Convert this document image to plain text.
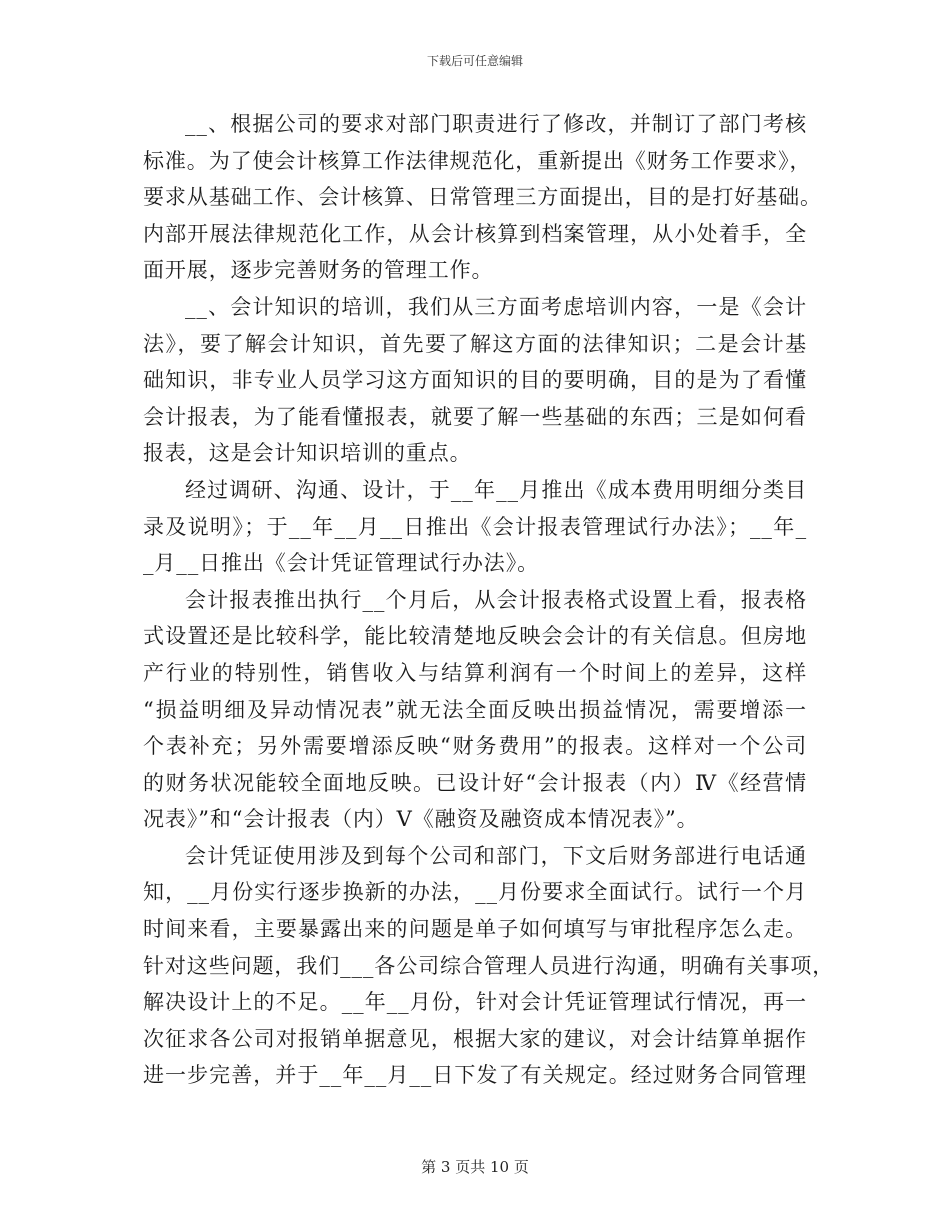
下载后可任意编辑
__、根据公司的要求对部门职责进行了修改，并制订了部门考核
标准。为了使会计核算工作法律规范化，重新提出《财务工作要求》，
要求从基础工作、会计核算、日常管理三方面提出，目的是打好基础。
内部开展法律规范化工作，从会计核算到档案管理，从小处着手，全
面开展，逐步完善财务的管理工作。
__、会计知识的培训，我们从三方面考虑培训内容，一是《会计
法》，要了解会计知识，首先要了解这方面的法律知识；二是会计基
础知识，非专业人员学习这方面知识的目的要明确，目的是为了看懂
会计报表，为了能看懂报表，就要了解一些基础的东西；三是如何看
报表，这是会计知识培训的重点。
经过调研、沟通、设计，于__年__月推出《成本费用明细分类目
录及说明》；于__年__月__日推出《会计报表管理试行办法》；__年_
_月__日推出《会计凭证管理试行办法》。
会计报表推出执行__个月后，从会计报表格式设置上看，报表格
式设置还是比较科学，能比较清楚地反映会会计的有关信息。但房地
产行业的特别性，销售收入与结算利润有一个时间上的差异，这样
“损益明细及异动情况表”就无法全面反映出损益情况，需要增添一
个表补充；另外需要增添反映“财务费用”的报表。这样对一个公司
的财务状况能较全面地反映。已设计好“会计报表（内）Ⅳ《经营情
况表》”和“会计报表（内）Ⅴ《融资及融资成本情况表》”。
会计凭证使用涉及到每个公司和部门，下文后财务部进行电话通
知，__月份实行逐步换新的办法，__月份要求全面试行。试行一个月
时间来看，主要暴露出来的问题是单子如何填写与审批程序怎么走。
针对这些问题，我们___各公司综合管理人员进行沟通，明确有关事项，
解决设计上的不足。__年__月份，针对会计凭证管理试行情况，再一
次征求各公司对报销单据意见，根据大家的建议，对会计结算单据作
进一步完善，并于__年__月__日下发了有关规定。经过财务合同管理
第 3 页共 10 页
